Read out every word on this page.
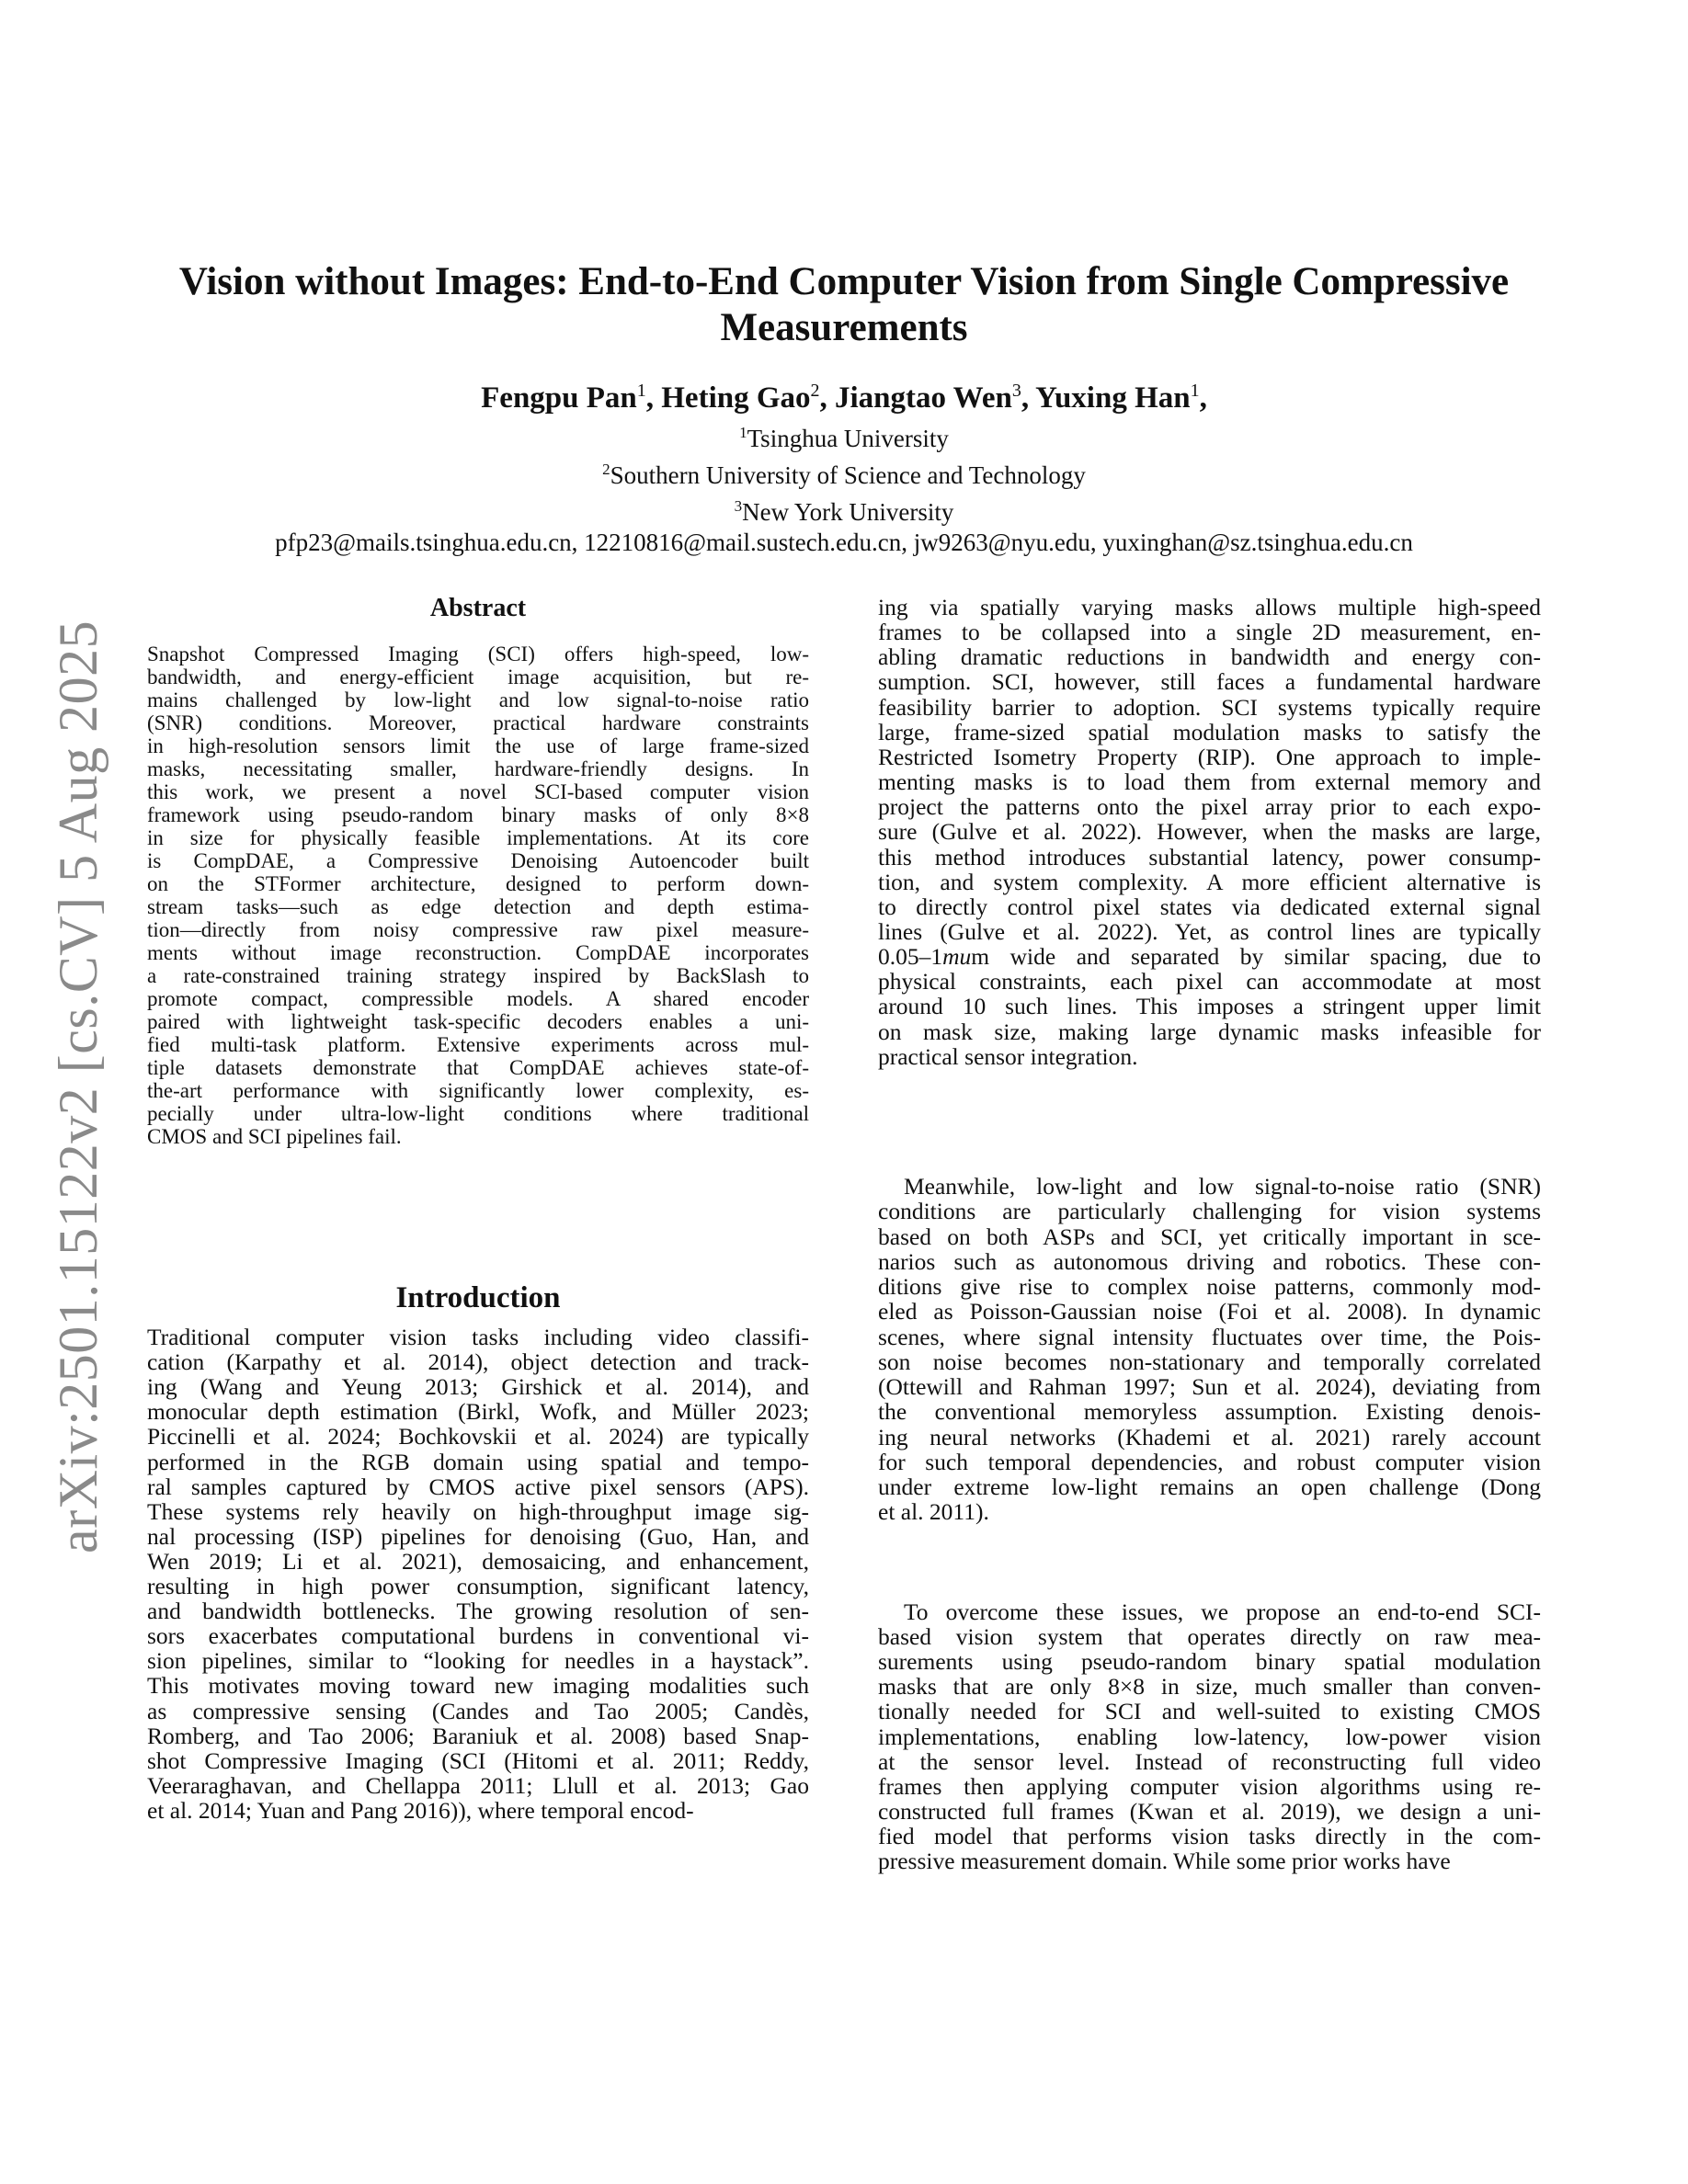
arXiv:2501.15122v2 [cs.CV] 5 Aug 2025
Vision without Images: End-to-End Computer Vision from Single Compressive
Measurements
Fengpu Pan$^1$, Heting Gao$^2$, Jiangtao Wen$^3$, Yuxing Han$^1$,
$^1$Tsinghua University
$^2$Southern University of Science and Technology
$^3$New York University
pfp23@mails.tsinghua.edu.cn, 12210816@mail.sustech.edu.cn, jw9263@nyu.edu, yuxinghan@sz.tsinghua.edu.cn
Abstract
Snapshot Compressed Imaging (SCI) offers high-speed, low-
bandwidth, and energy-efficient image acquisition, but re-
mains challenged by low-light and low signal-to-noise ratio
(SNR) conditions. Moreover, practical hardware constraints
in high-resolution sensors limit the use of large frame-sized
masks, necessitating smaller, hardware-friendly designs. In
this work, we present a novel SCI-based computer vision
framework using pseudo-random binary masks of only 8×8
in size for physically feasible implementations. At its core
is CompDAE, a Compressive Denoising Autoencoder built
on the STFormer architecture, designed to perform down-
stream tasks—such as edge detection and depth estima-
tion—directly from noisy compressive raw pixel measure-
ments without image reconstruction. CompDAE incorporates
a rate-constrained training strategy inspired by BackSlash to
promote compact, compressible models. A shared encoder
paired with lightweight task-specific decoders enables a uni-
fied multi-task platform. Extensive experiments across mul-
tiple datasets demonstrate that CompDAE achieves state-of-
the-art performance with significantly lower complexity, es-
pecially under ultra-low-light conditions where traditional
CMOS and SCI pipelines fail.
Introduction
Traditional computer vision tasks including video classifi-
cation (Karpathy et al. 2014), object detection and track-
ing (Wang and Yeung 2013; Girshick et al. 2014), and
monocular depth estimation (Birkl, Wofk, and Müller 2023;
Piccinelli et al. 2024; Bochkovskii et al. 2024) are typically
performed in the RGB domain using spatial and tempo-
ral samples captured by CMOS active pixel sensors (APS).
These systems rely heavily on high-throughput image sig-
nal processing (ISP) pipelines for denoising (Guo, Han, and
Wen 2019; Li et al. 2021), demosaicing, and enhancement,
resulting in high power consumption, significant latency,
and bandwidth bottlenecks. The growing resolution of sen-
sors exacerbates computational burdens in conventional vi-
sion pipelines, similar to “looking for needles in a haystack”.
This motivates moving toward new imaging modalities such
as compressive sensing (Candes and Tao 2005; Candès,
Romberg, and Tao 2006; Baraniuk et al. 2008) based Snap-
shot Compressive Imaging (SCI (Hitomi et al. 2011; Reddy,
Veeraraghavan, and Chellappa 2011; Llull et al. 2013; Gao
et al. 2014; Yuan and Pang 2016)), where temporal encod-
ing via spatially varying masks allows multiple high-speed
frames to be collapsed into a single 2D measurement, en-
abling dramatic reductions in bandwidth and energy con-
sumption. SCI, however, still faces a fundamental hardware
feasibility barrier to adoption. SCI systems typically require
large, frame-sized spatial modulation masks to satisfy the
Restricted Isometry Property (RIP). One approach to imple-
menting masks is to load them from external memory and
project the patterns onto the pixel array prior to each expo-
sure (Gulve et al. 2022). However, when the masks are large,
this method introduces substantial latency, power consump-
tion, and system complexity. A more efficient alternative is
to directly control pixel states via dedicated external signal
lines (Gulve et al. 2022). Yet, as control lines are typically
0.05–1mum wide and separated by similar spacing, due to
physical constraints, each pixel can accommodate at most
around 10 such lines. This imposes a stringent upper limit
on mask size, making large dynamic masks infeasible for
practical sensor integration.
Meanwhile, low-light and low signal-to-noise ratio (SNR)
conditions are particularly challenging for vision systems
based on both ASPs and SCI, yet critically important in sce-
narios such as autonomous driving and robotics. These con-
ditions give rise to complex noise patterns, commonly mod-
eled as Poisson-Gaussian noise (Foi et al. 2008). In dynamic
scenes, where signal intensity fluctuates over time, the Pois-
son noise becomes non-stationary and temporally correlated
(Ottewill and Rahman 1997; Sun et al. 2024), deviating from
the conventional memoryless assumption. Existing denois-
ing neural networks (Khademi et al. 2021) rarely account
for such temporal dependencies, and robust computer vision
under extreme low-light remains an open challenge (Dong
et al. 2011).
To overcome these issues, we propose an end-to-end SCI-
based vision system that operates directly on raw mea-
surements using pseudo-random binary spatial modulation
masks that are only 8×8 in size, much smaller than conven-
tionally needed for SCI and well-suited to existing CMOS
implementations, enabling low-latency, low-power vision
at the sensor level. Instead of reconstructing full video
frames then applying computer vision algorithms using re-
constructed full frames (Kwan et al. 2019), we design a uni-
fied model that performs vision tasks directly in the com-
pressive measurement domain. While some prior works have
